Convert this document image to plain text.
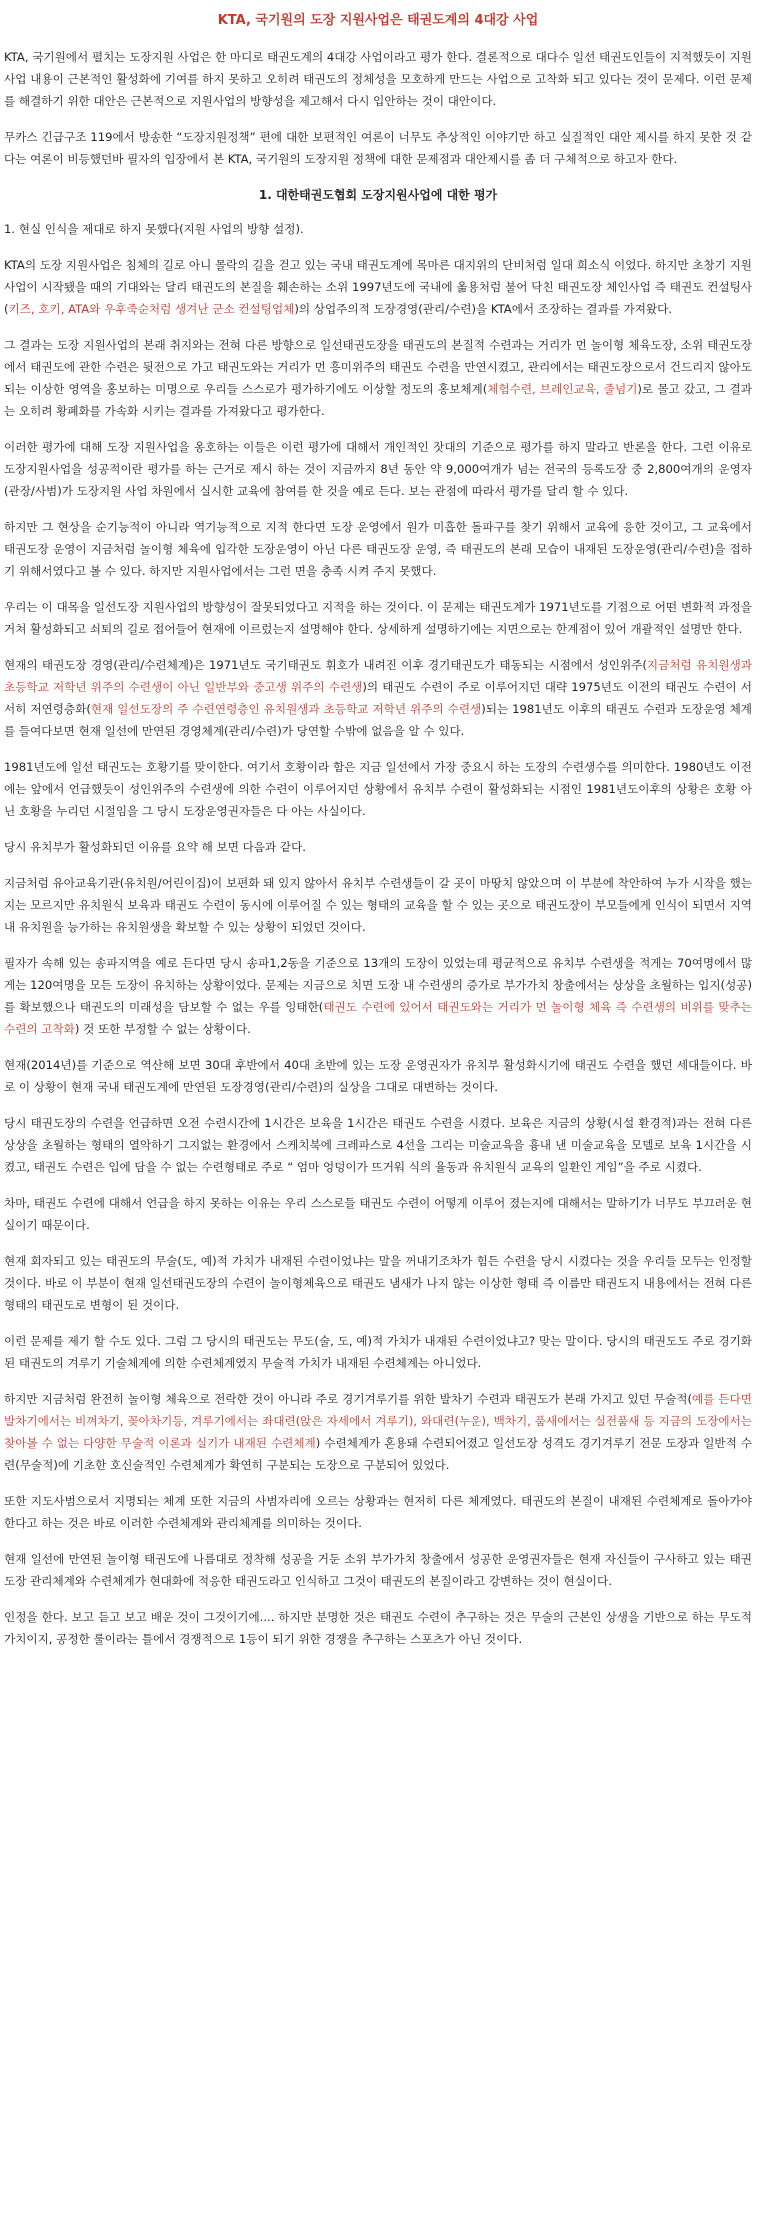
KTA, 국기원의 도장 지원사업은 태권도계의 4대강 사업

KTA, 국기원에서 펼치는 도장지원 사업은 한 마디로 태권도계의 4대강 사업이라고 평가 한다. 결론적으로 대다수 일선 태권도인들이 지적했듯이 지원사업 내용이 근본적인 활성화에 기여를 하지 못하고 오히려 태권도의 정체성을 모호하게 만드는 사업으로 고착화 되고 있다는 것이 문제다. 이런 문제를 해결하기 위한 대안은 근본적으로 지원사업의 방향성을 제고해서 다시 입안하는 것이 대안이다.

무카스 긴급구조 119에서 방송한 “도장지원정책” 편에 대한 보편적인 여론이 너무도 추상적인 이야기만 하고 실질적인 대안 제시를 하지 못한 것 같다는 여론이 비등했던바 필자의 입장에서 본 KTA, 국기원의 도장지원 정책에 대한 문제점과 대안제시를 좀 더 구체적으로 하고자 한다.

1. 대한태권도협회 도장지원사업에 대한 평가

1. 현실 인식을 제대로 하지 못했다(지원 사업의 방향 설정).

KTA의 도장 지원사업은 침체의 길로 아니 몰락의 길을 걷고 있는 국내 태권도계에 목마른 대지위의 단비처럼 일대 희소식 이었다. 하지만 초창기 지원사업이 시작됐을 때의 기대와는 달리 태권도의 본질을 훼손하는 소위 1997년도에 국내에 옮용처럼 불어 닥친 태권도장 체인사업 즉 태권도 컨설팅사(키즈, 호키, ATA와 우후죽순처럼 생겨난 군소 컨설팅업체)의 상업주의적 도장경영(관리/수련)을 KTA에서 조장하는 결과를 가져왔다.

그 결과는 도장 지원사업의 본래 취지와는 전혀 다른 방향으로 일선태권도장을 태권도의 본질적 수련과는 거리가 먼 놀이형 체육도장, 소위 태권도장에서 태권도에 관한 수련은 뒷전으로 가고 태권도와는 거리가 먼 흥미위주의 태권도 수련을 만연시켰고, 관리에서는 태권도장으로서 건드리지 않아도 되는 이상한 영역을 홍보하는 미명으로 우리들 스스로가 평가하기에도 이상할 정도의 홍보체계(체험수련, 브레인교육, 줄넘기)로 몰고 갔고, 그 결과는 오히려 황폐화를 가속화 시키는 결과를 가져왔다고 평가한다.

이러한 평가에 대해 도장 지원사업을 옹호하는 이들은 이런 평가에 대해서 개인적인 잣대의 기준으로 평가를 하지 말라고 반론을 한다. 그런 이유로 도장지원사업을 성공적이란 평가를 하는 근거로 제시 하는 것이 지금까지 8년 동안 약 9,000여개가 넘는 전국의 등록도장 중 2,800여개의 운영자(관장/사범)가 도장지원 사업 차원에서 실시한 교육에 참여를 한 것을 예로 든다. 보는 관점에 따라서 평가를 달리 할 수 있다.

하지만 그 현상을 순기능적이 아니라 역기능적으로 지적 한다면 도장 운영에서 원가 미흡한 돌파구를 찾기 위해서 교육에 응한 것이고, 그 교육에서 태권도장 운영이 지금처럼 놀이형 체육에 입각한 도장운영이 아닌 다른 태권도장 운영, 즉 태권도의 본래 모습이 내재된 도장운영(관리/수련)을 접하기 위해서였다고 볼 수 있다. 하지만 지원사업에서는 그런 면을 충족 시켜 주지 못했다.

우리는 이 대목을 일선도장 지원사업의 방향성이 잘못되었다고 지적을 하는 것이다. 이 문제는 태권도계가 1971년도를 기점으로 어떤 변화적 과정을 거쳐 활성화되고 쇠퇴의 길로 접어들어 현재에 이르렀는지 설명해야 한다. 상세하게 설명하기에는 지면으로는 한계점이 있어 개괄적인 설명만 한다.

현재의 태권도장 경영(관리/수련체계)은 1971년도 국기태권도 휘호가 내려진 이후 경기태권도가 태동되는 시점에서 성인위주(지금처럼 유치원생과 초등학교 저학년 위주의 수련생이 아닌 일반부와 중고생 위주의 수련생)의 태권도 수련이 주로 이루어지던 대략 1975년도 이전의 태권도 수련이 서서히 저연령층화(현재 일선도장의 주 수련연령층인 유치원생과 초등학교 저학년 위주의 수련생)되는 1981년도 이후의 태권도 수련과 도장운영 체계를 들여다보면 현재 일선에 만연된 경영체계(관리/수련)가 당연할 수밖에 없음을 알 수 있다.

1981년도에 일선 태권도는 호황기를 맞이한다. 여기서 호황이라 함은 지금 일선에서 가장 중요시 하는 도장의 수련생수를 의미한다. 1980년도 이전에는 앞에서 언급했듯이 성인위주의 수련생에 의한 수련이 이루어지던 상황에서 유치부 수련이 활성화되는 시점인 1981년도이후의 상황은 호황 아닌 호황을 누리던 시절임을 그 당시 도장운영권자들은 다 아는 사실이다.

당시 유치부가 활성화되던 이유를 요약 해 보면 다음과 같다.

지금처럼 유아교육기관(유치원/어린이집)이 보편화 돼 있지 않아서 유치부 수련생들이 갈 곳이 마땅치 않았으며 이 부분에 착안하여 누가 시작을 했는지는 모르지만 유치원식 보육과 태권도 수련이 동시에 이루어질 수 있는 형태의 교육을 할 수 있는 곳으로 태권도장이 부모들에게 인식이 되면서 지역 내 유치원을 능가하는 유치원생을 확보할 수 있는 상황이 되었던 것이다.

필자가 속해 있는 송파지역을 예로 든다면 당시 송파1,2동을 기준으로 13개의 도장이 있었는데 평균적으로 유치부 수련생을 적게는 70여명에서 많게는 120여명을 모든 도장이 유치하는 상황이었다. 문제는 지금으로 치면 도장 내 수련생의 증가로 부가가치 창출에서는 상상을 초월하는 입지(성공)를 확보했으나 태권도의 미래성을 담보할 수 없는 우를 잉태한(태권도 수련에 있어서 태권도와는 거리가 먼 놀이형 체육 즉 수련생의 비위를 맞추는 수련의 고착화) 것 또한 부정할 수 없는 상황이다.

현재(2014년)를 기준으로 역산해 보면 30대 후반에서 40대 초반에 있는 도장 운영권자가 유치부 활성화시기에 태권도 수련을 했던 세대들이다. 바로 이 상황이 현재 국내 태권도계에 만연된 도장경영(관리/수련)의 실상을 그대로 대변하는 것이다.

당시 태권도장의 수련을 언급하면 오전 수련시간에 1시간은 보육을 1시간은 태권도 수련을 시켰다. 보육은 지금의 상황(시설 환경적)과는 전혀 다른 상상을 초월하는 형태의 열악하기 그지없는 환경에서 스케치북에 크레파스로 4선을 그리는 미술교육을 흉내 낸 미술교육을 모델로 보육 1시간을 시켰고, 태권도 수련은 입에 담을 수 없는 수련형태로 주로 “ 엄마 엉덩이가 뜨거워 식의 율동과 유치원식 교육의 일환인 게임”을 주로 시켰다.

차마, 태권도 수련에 대해서 언급을 하지 못하는 이유는 우리 스스로들 태권도 수련이 어떻게 이루어 졌는지에 대해서는 말하기가 너무도 부끄러운 현실이기 때문이다.

현재 회자되고 있는 태권도의 무술(도, 예)적 가치가 내재된 수련이었냐는 말을 꺼내기조차가 힘든 수련을 당시 시켰다는 것을 우리들 모두는 인정할 것이다. 바로 이 부분이 현재 일선태권도장의 수련이 놀이형체육으로 태권도 냄새가 나지 않는 이상한 형태 즉 이름만 태권도지 내용에서는 전혀 다른 형태의 태권도로 변형이 된 것이다.

이런 문제를 제기 할 수도 있다. 그럼 그 당시의 태권도는 무도(술, 도, 예)적 가치가 내재된 수련이었냐고? 맞는 말이다. 당시의 태권도도 주로 경기화 된 태권도의 겨루기 기술체계에 의한 수련체계였지 무술적 가치가 내재된 수련체계는 아니었다.

하지만 지금처럼 완전히 놀이형 체육으로 전락한 것이 아니라 주로 경기겨루기를 위한 발차기 수련과 태권도가 본래 가지고 있던 무술적(예를 든다면 발차기에서는 비껴차기, 꽂아차기등, 겨루기에서는 좌대련(앉은 자세에서 겨루기), 와대련(누운), 백차기, 품새에서는 실전품새 등 지금의 도장에서는 찾아볼 수 없는 다양한 무술적 이론과 실기가 내재된 수련체계) 수련체계가 혼용돼 수련되어졌고 일선도장 성격도 경기겨루기 전문 도장과 일반적 수련(무술적)에 기초한 호신술적인 수련체계가 확연히 구분되는 도장으로 구분되어 있었다.

또한 지도사범으로서 지명되는 체계 또한 지금의 사범자리에 오르는 상황과는 현저히 다른 체계였다. 태권도의 본질이 내재된 수련체계로 돌아가야 한다고 하는 것은 바로 이러한 수련체계와 관리체계를 의미하는 것이다.

현재 일선에 만연된 놀이형 태권도에 나름대로 정착해 성공을 거둔 소위 부가가치 창출에서 성공한 운영권자들은 현재 자신들이 구사하고 있는 태권도장 관리체계와 수련체계가 현대화에 적응한 태권도라고 인식하고 그것이 태권도의 본질이라고 강변하는 것이 현실이다.

인정을 한다. 보고 듣고 보고 배운 것이 그것이기에.... 하지만 분명한 것은 태권도 수련이 추구하는 것은 무술의 근본인 상생을 기반으로 하는 무도적 가치이지, 공정한 룰이라는 틀에서 경쟁적으로 1등이 되기 위한 경쟁을 추구하는 스포츠가 아닌 것이다.
